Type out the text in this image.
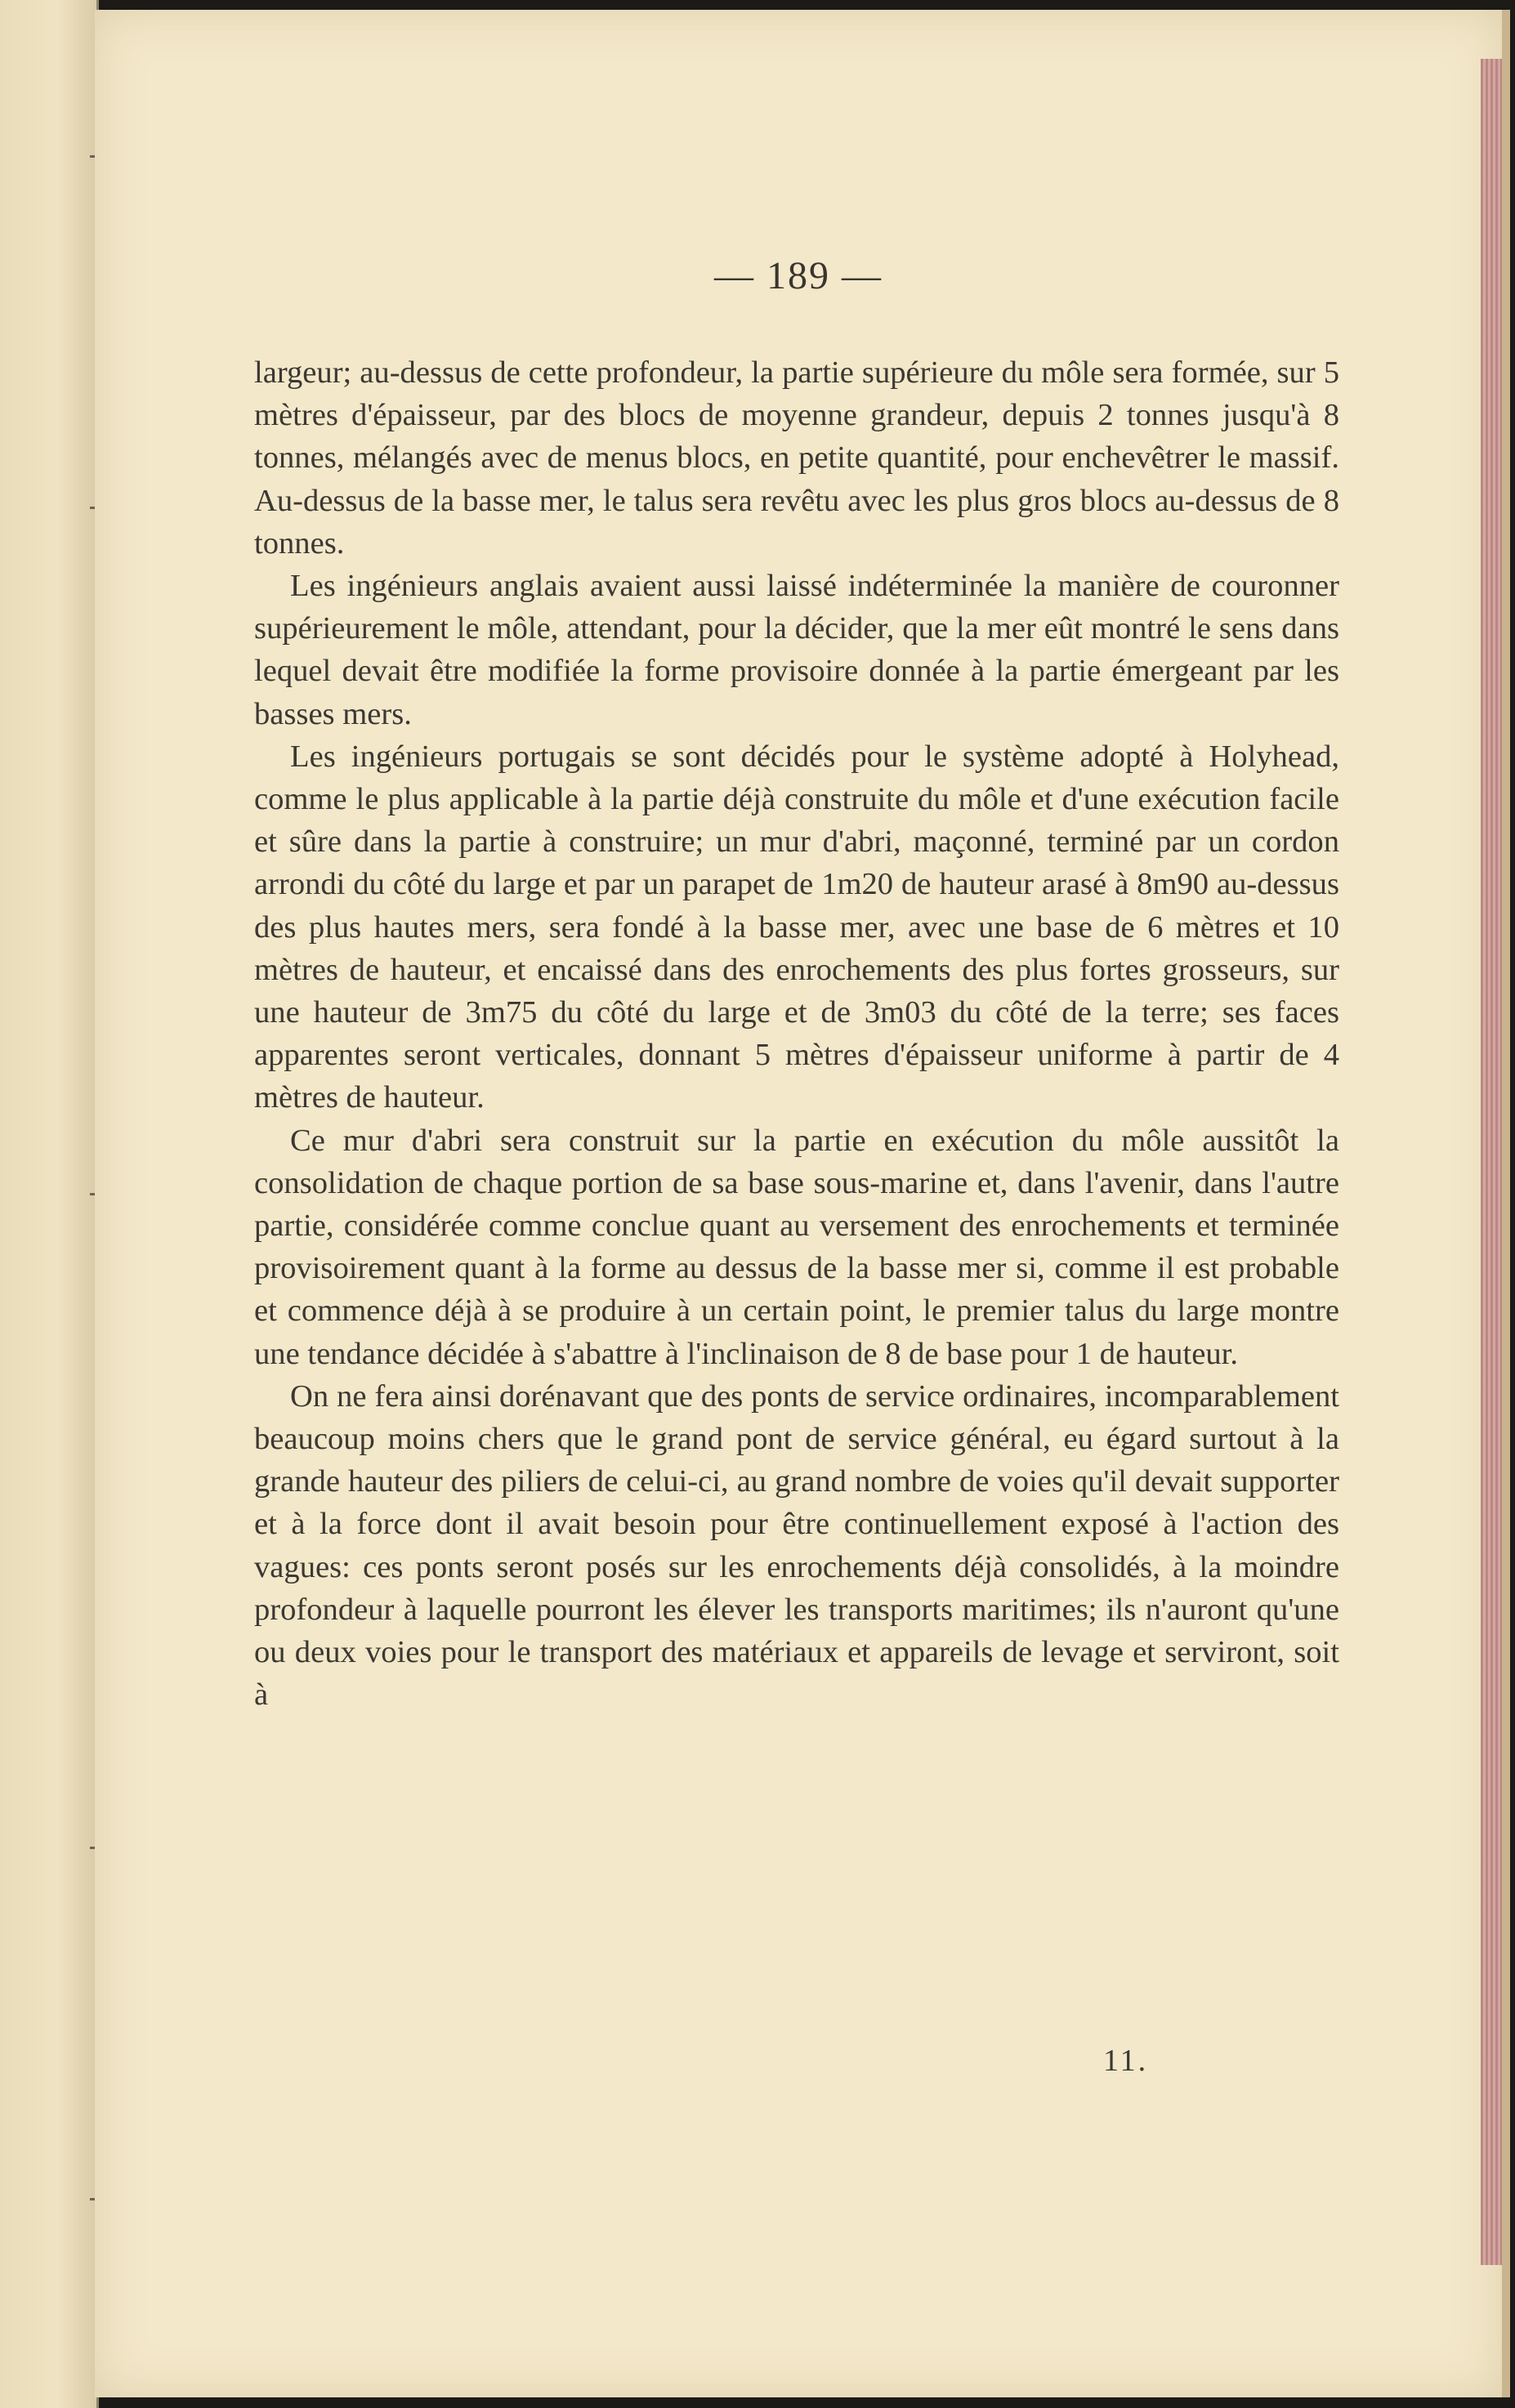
— 189 —

largeur; au-dessus de cette profondeur, la partie supérieure du môle sera formée, sur 5 mètres d'épaisseur, par des blocs de moyenne grandeur, depuis 2 tonnes jusqu'à 8 tonnes, mélangés avec de menus blocs, en petite quantité, pour enchevêtrer le massif. Au-dessus de la basse mer, le talus sera revêtu avec les plus gros blocs au-dessus de 8 tonnes.

Les ingénieurs anglais avaient aussi laissé indéterminée la manière de couronner supérieurement le môle, attendant, pour la décider, que la mer eût montré le sens dans lequel devait être modifiée la forme provisoire donnée à la partie émergeant par les basses mers.

Les ingénieurs portugais se sont décidés pour le système adopté à Holyhead, comme le plus applicable à la partie déjà construite du môle et d'une exécution facile et sûre dans la partie à construire; un mur d'abri, maçonné, terminé par un cordon arrondi du côté du large et par un parapet de 1m20 de hauteur arasé à 8m90 au-dessus des plus hautes mers, sera fondé à la basse mer, avec une base de 6 mètres et 10 mètres de hauteur, et encaissé dans des enrochements des plus fortes grosseurs, sur une hauteur de 3m75 du côté du large et de 3m03 du côté de la terre; ses faces apparentes seront verticales, donnant 5 mètres d'épaisseur uniforme à partir de 4 mètres de hauteur.

Ce mur d'abri sera construit sur la partie en exécution du môle aussitôt la consolidation de chaque portion de sa base sous-marine et, dans l'avenir, dans l'autre partie, considérée comme conclue quant au versement des enrochements et terminée provisoirement quant à la forme au dessus de la basse mer si, comme il est probable et commence déjà à se produire à un certain point, le premier talus du large montre une tendance décidée à s'abattre à l'inclinaison de 8 de base pour 1 de hauteur.

On ne fera ainsi dorénavant que des ponts de service ordinaires, incomparablement beaucoup moins chers que le grand pont de service général, eu égard surtout à la grande hauteur des piliers de celui-ci, au grand nombre de voies qu'il devait supporter et à la force dont il avait besoin pour être continuellement exposé à l'action des vagues: ces ponts seront posés sur les enrochements déjà consolidés, à la moindre profondeur à laquelle pourront les élever les transports maritimes; ils n'auront qu'une ou deux voies pour le transport des matériaux et appareils de levage et serviront, soit à

11.
